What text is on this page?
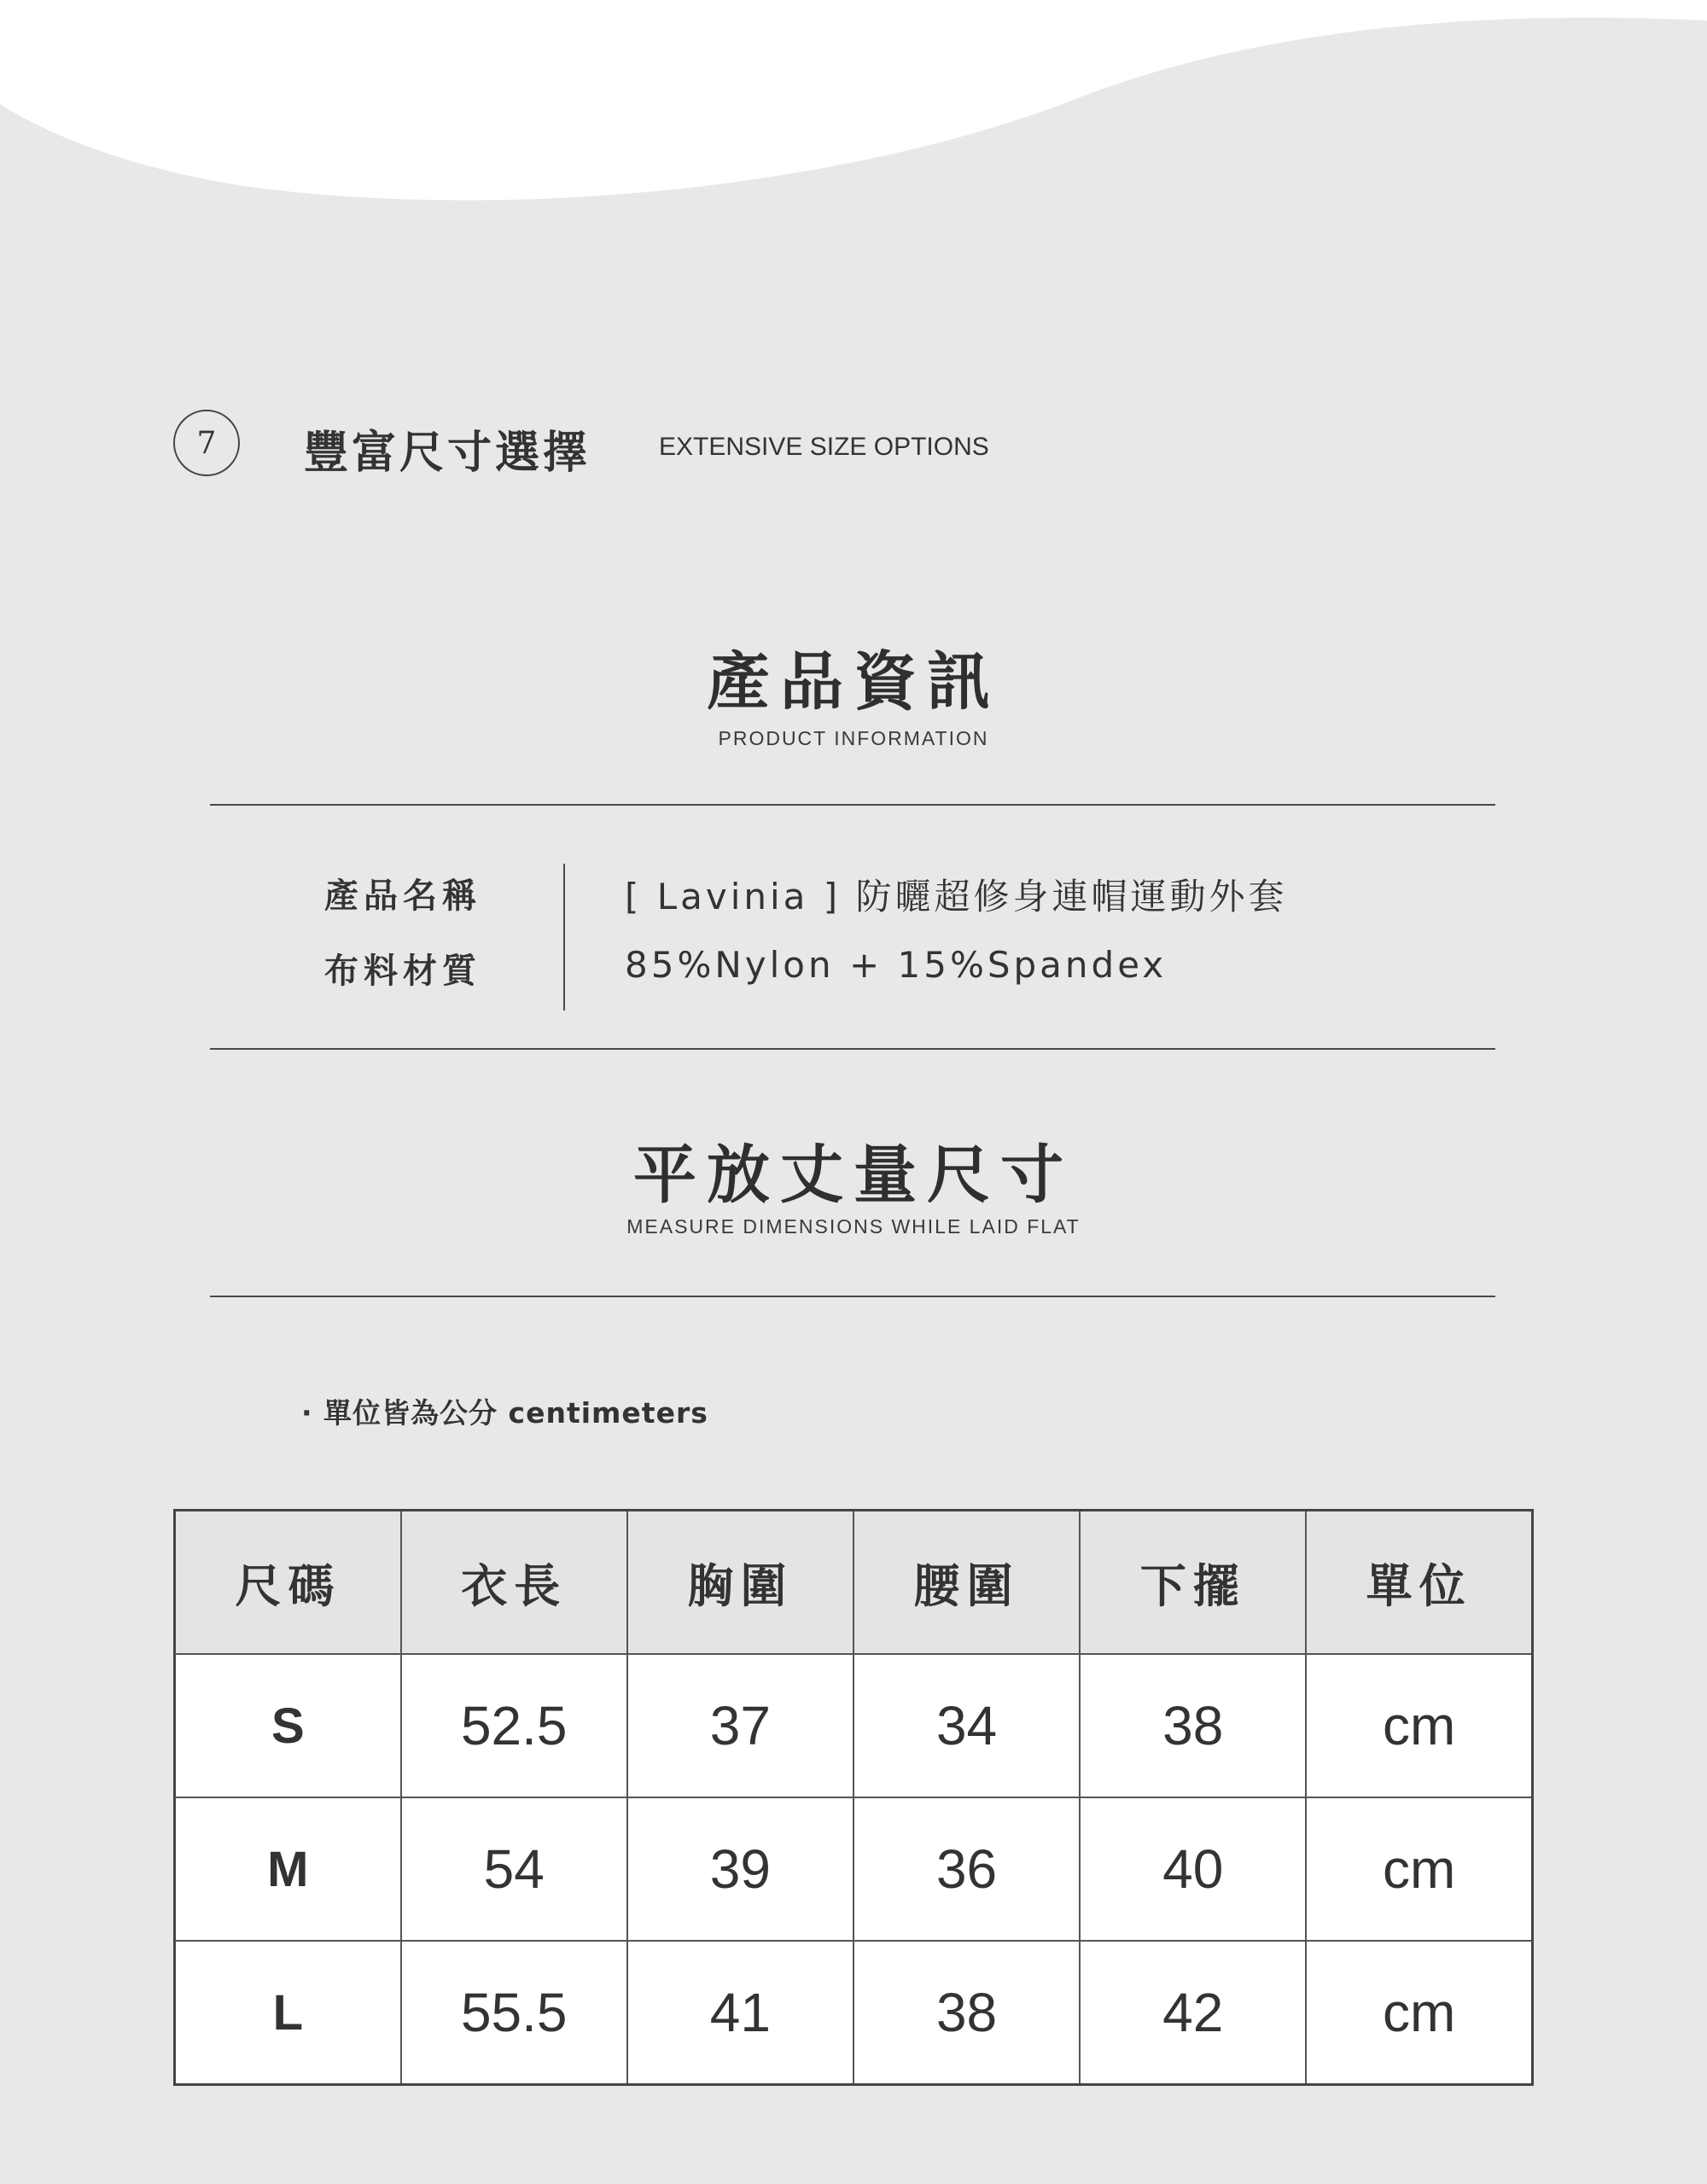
7 豐富尺寸選擇	EXTENSIVE SIZE OPTIONS
產品資訊
PRODUCT INFORMATION
產品名稱	[ Lavinia ] 防曬超修身連帽運動外套
布料材質	85%Nylon + 15%Spandex
平放丈量尺寸
MEASURE DIMENSIONS WHILE LAID FLAT
· 單位皆為公分 centimeters
尺碼	衣長	胸圍	腰圍	下擺	單位
S	52.5	37	34	38	cm
M	54	39	36	40	cm
L	55.5	41	38	42	cm
